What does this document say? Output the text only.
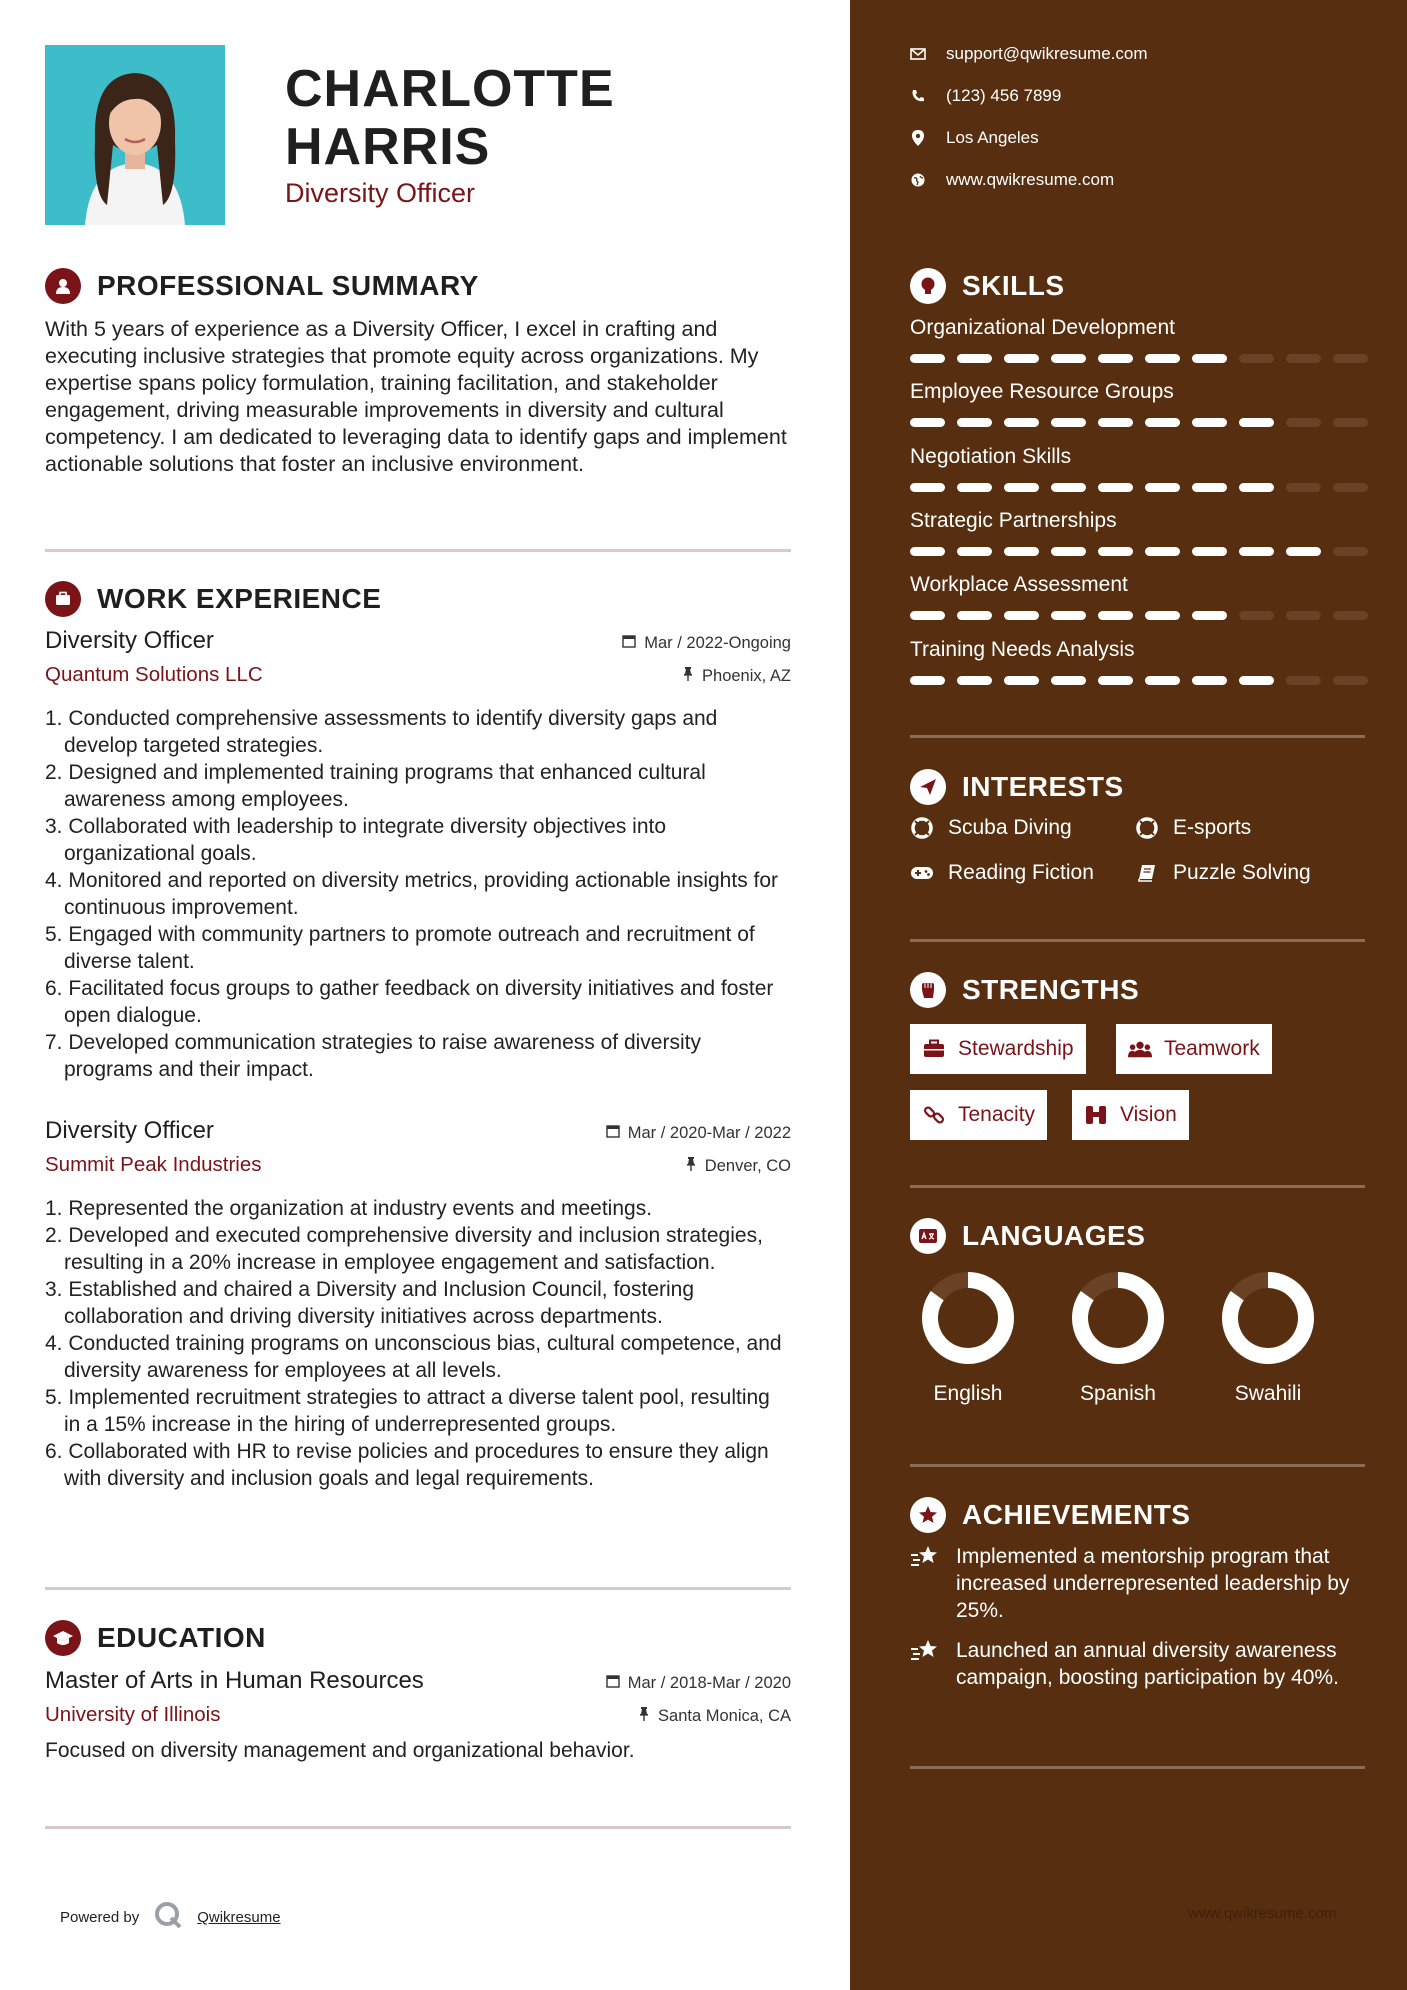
CHARLOTTE
HARRIS
Diversity Officer
PROFESSIONAL SUMMARY
With 5 years of experience as a Diversity Officer, I excel in crafting and executing inclusive strategies that promote equity across organizations. My expertise spans policy formulation, training facilitation, and stakeholder engagement, driving measurable improvements in diversity and cultural competency. I am dedicated to leveraging data to identify gaps and implement actionable solutions that foster an inclusive environment.
WORK EXPERIENCE
Diversity Officer	Mar / 2022-Ongoing
Quantum Solutions LLC	Phoenix, AZ
1. Conducted comprehensive assessments to identify diversity gaps and develop targeted strategies.
2. Designed and implemented training programs that enhanced cultural awareness among employees.
3. Collaborated with leadership to integrate diversity objectives into organizational goals.
4. Monitored and reported on diversity metrics, providing actionable insights for continuous improvement.
5. Engaged with community partners to promote outreach and recruitment of diverse talent.
6. Facilitated focus groups to gather feedback on diversity initiatives and foster open dialogue.
7. Developed communication strategies to raise awareness of diversity programs and their impact.
Diversity Officer	Mar / 2020-Mar / 2022
Summit Peak Industries	Denver, CO
1. Represented the organization at industry events and meetings.
2. Developed and executed comprehensive diversity and inclusion strategies, resulting in a 20% increase in employee engagement and satisfaction.
3. Established and chaired a Diversity and Inclusion Council, fostering collaboration and driving diversity initiatives across departments.
4. Conducted training programs on unconscious bias, cultural competence, and diversity awareness for employees at all levels.
5. Implemented recruitment strategies to attract a diverse talent pool, resulting in a 15% increase in the hiring of underrepresented groups.
6. Collaborated with HR to revise policies and procedures to ensure they align with diversity and inclusion goals and legal requirements.
EDUCATION
Master of Arts in Human Resources	Mar / 2018-Mar / 2020
University of Illinois	Santa Monica, CA
Focused on diversity management and organizational behavior.
Powered by	Qwikresume
support@qwikresume.com
(123) 456 7899
Los Angeles
www.qwikresume.com
SKILLS
Organizational Development
Employee Resource Groups
Negotiation Skills
Strategic Partnerships
Workplace Assessment
Training Needs Analysis
INTERESTS
Scuba Diving	E-sports
Reading Fiction	Puzzle Solving
STRENGTHS
Stewardship	Teamwork
Tenacity	Vision
LANGUAGES
English	Spanish	Swahili
ACHIEVEMENTS
Implemented a mentorship program that increased underrepresented leadership by 25%.
Launched an annual diversity awareness campaign, boosting participation by 40%.
www.qwikresume.com
